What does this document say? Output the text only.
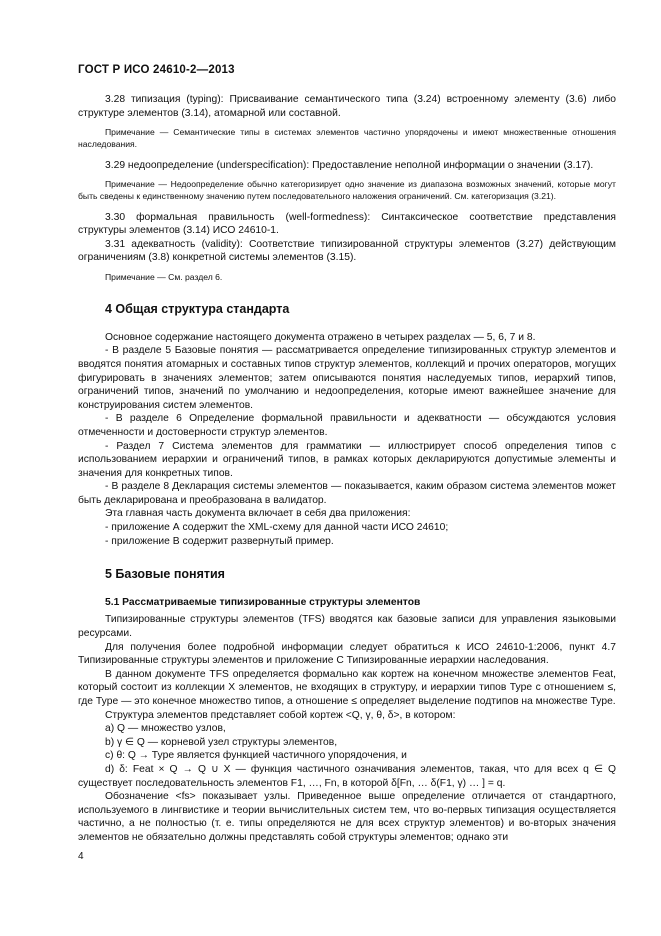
ГОСТ Р ИСО 24610-2—2013

3.28 типизация (typing): Присваивание семантического типа (3.24) встроенному элементу (3.6) либо структуре элементов (3.14), атомарной или составной.

Примечание — Семантические типы в системах элементов частично упорядочены и имеют множественные отношения наследования.

3.29 недоопределение (underspecification): Предоставление неполной информации о значении (3.17).

Примечание — Недоопределение обычно категоризирует одно значение из диапазона возможных значений, которые могут быть сведены к единственному значению путем последовательного наложения ограничений. См. категоризация (3.21).

3.30 формальная правильность (well-formedness): Синтаксическое соответствие представления структуры элементов (3.14) ИСО 24610-1.

3.31 адекватность (validity): Соответствие типизированной структуры элементов (3.27) действующим ограничениям (3.8) конкретной системы элементов (3.15).

Примечание — См. раздел 6.

4 Общая структура стандарта

Основное содержание настоящего документа отражено в четырех разделах — 5, 6, 7 и 8.

- В разделе 5 Базовые понятия — рассматривается определение типизированных структур элементов и вводятся понятия атомарных и составных типов структур элементов, коллекций и прочих операторов, могущих фигурировать в значениях элементов; затем описываются понятия наследуемых типов, иерархий типов, ограничений типов, значений по умолчанию и недоопределения, которые имеют важнейшее значение для конструирования систем элементов.

- В разделе 6 Определение формальной правильности и адекватности — обсуждаются условия отмеченности и достоверности структур элементов.

- Раздел 7 Система элементов для грамматики — иллюстрирует способ определения типов с использованием иерархии и ограничений типов, в рамках которых декларируются допустимые элементы и значения для конкретных типов.

- В разделе 8 Декларация системы элементов — показывается, каким образом система элементов может быть декларирована и преобразована в валидатор.

Эта главная часть документа включает в себя два приложения:

- приложение А содержит the XML-схему для данной части ИСО 24610;

- приложение В содержит развернутый пример.

5 Базовые понятия
5.1 Рассматриваемые типизированные структуры элементов

Типизированные структуры элементов (TFS) вводятся как базовые записи для управления языковыми ресурсами.

Для получения более подробной информации следует обратиться к ИСО 24610-1:2006, пункт 4.7 Типизированные структуры элементов и приложение С Типизированные иерархии наследования.

В данном документе TFS определяется формально как кортеж на конечном множестве элементов Feat, который состоит из коллекции X элементов, не входящих в структуру, и иерархии типов Type с отношением ≤, где Type — это конечное множество типов, а отношение ≤ определяет выделение подтипов на множестве Type.

Структура элементов представляет собой кортеж <Q, γ, θ, δ>, в котором:

a) Q — множество узлов,

b) γ ∈ Q — корневой узел структуры элементов,

c) θ: Q → Type является функцией частичного упорядочения, и

d) δ: Feat × Q → Q ∪ X — функция частичного означивания элементов, такая, что для всех q ∈ Q существует последовательность элементов F1, …, Fn, в которой δ[Fn, … δ(F1, γ) … ] = q.

Обозначение <fs> показывает узлы. Приведенное выше определение отличается от стандартного, используемого в лингвистике и теории вычислительных систем тем, что во-первых типизация осуществляется частично, а не полностью (т. е. типы определяются не для всех структур элементов) и во-вторых значения элементов не обязательно должны представлять собой структуры элементов; однако эти

4
